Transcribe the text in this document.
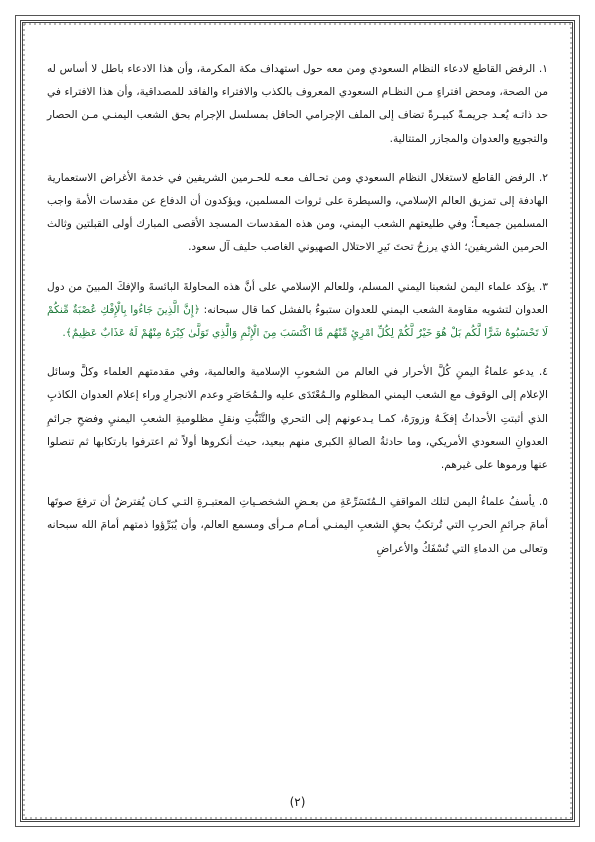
١. الرفض القاطع لادعاء النظام السعودي ومن معه حول استهداف مكة المكرمة، وأن هذا الادعاء باطل لا أساس له من الصحة، ومحض افتراءٍ مـن النظـام السعودي المعروف بالكذب والافتراء والفاقد للمصداقية، وأن هذا الافتراء في حد ذاتـه يُعـد جريمـةً كبيـرةً تضاف إلى الملف الإجرامي الحافل بمسلسل الإجرام بحق الشعب اليمنـي مـن الحصار والتجويع والعدوان والمجازر المتتالية.

٢. الرفض القاطع لاستغلال النظام السعودي ومن تحـالف معـه للحـرمين الشريفين في خدمة الأغراض الاستعمارية الهادفة إلى تمزيق العالم الإسلامي، والسيطرة على ثروات المسلمين، ويؤكدون أن الدفاع عن مقدسات الأمة واجب المسلمين جميعـاً؛ وفي طليعتهم الشعب اليمني، ومن هذه المقدسات المسجد الأقصى المبارك أولى القبلتين وثالث الحرمين الشريفين؛ الذي يرزحُ تحتَ نَيرِ الاحتلال الصهيوني الغاصب حليف آل سعود.

٣. يؤكد علماء اليمن لشعبنا اليمني المسلم، وللعالم الإسلامي على أنَّ هذه المحاولةَ البائسةَ والإفكَ المبينَ من دول العدوان لتشويه مقاومة الشعب اليمني للعدوان ستبوءُ بالفشل كما قال سبحانه: ﴿إِنَّ الَّذِينَ جَاءُوا بِالْإِفْكِ عُصْبَةٌ مِّنكُمْ لَا تَحْسَبُوهُ شَرًّا لَّكُم بَلْ هُوَ خَيْرٌ لَّكُمْ لِكُلِّ امْرِئٍ مِّنْهُم مَّا اكْتَسَبَ مِنَ الْإِثْمِ وَالَّذِي تَوَلَّىٰ كِبْرَهُ مِنْهُمْ لَهُ عَذَابٌ عَظِيمٌ﴾.

٤. يدعو علماءُ اليمنِ كُلَّ الأحرار في العالم من الشعوبِ الإسلامية والعالمية، وفي مقدمتهم العلماء وكلَّ وسائل الإعلام إلى الوقوف مع الشعب اليمني المظلوم والـمُعْتَدَى عليه والـمُحَاصَرِ وعدم الانجرارِ وراء إعلام العدوان الكاذبِ الذي أثبتتِ الأحداثُ إفكَـهُ وزورَهُ، كمـا يـدعونهم إلى التحري والتَّثَبُّتِ ونقلِ مظلوميةِ الشعبِ اليمنيِ وفضحِ جرائمِ العدوانِ السعودي الأمريكي، وما حادثةُ الصالةِ الكبرى منهم ببعيد، حيث أنكروها أولاً ثم اعترفوا بارتكابها ثم تنصلوا عنها ورموها على غيرهم.

٥. يأسفُ علماءُ اليمن لتلك المواقفِ الـمُتَسَرِّعَةِ من بعـضِ الشخصـياتِ المعتبـرةِ التـي كـان يُفترضُ أن ترفعَ صوتَها أمامَ جرائمِ الحربِ التي تُرتكبُ بحقِ الشعبِ اليمنـي أمـام مـرأى ومسمع العالم، وأن يُبَرِّؤوا ذمتهم أمامَ الله سبحانه وتعالى من الدماءِ التي تُسْفَكُ والأعراضِ

(٢)
